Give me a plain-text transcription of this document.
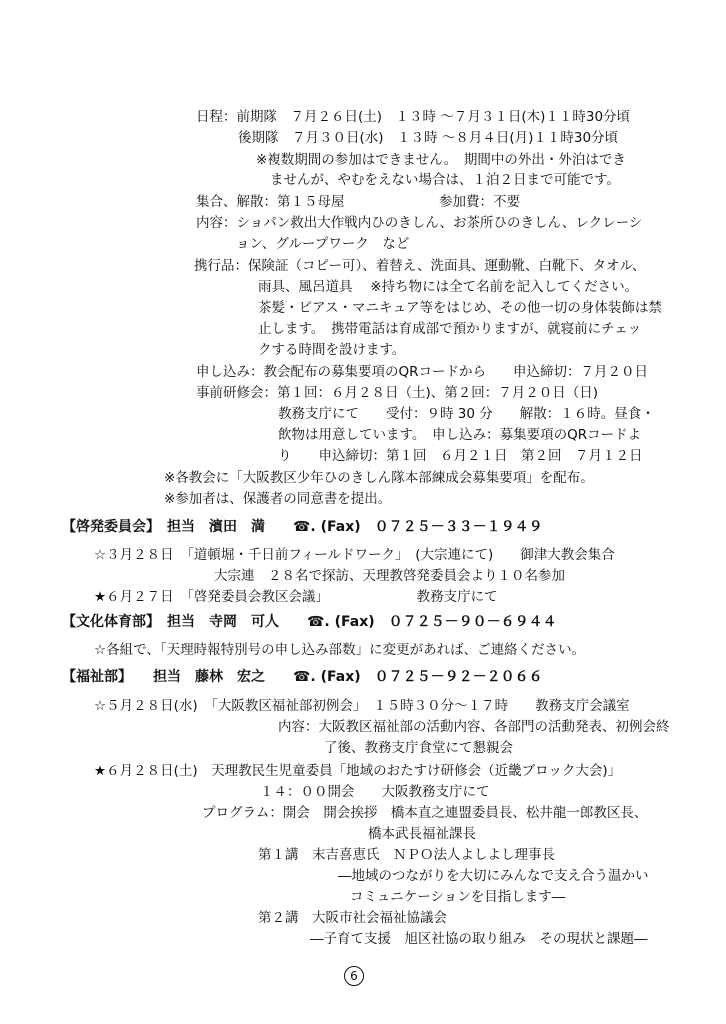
日程：前期隊　７月２６日(土)　１３時 ～７月３１日(木)１１時30分頃
後期隊　７月３０日(水)　１３時 ～８月４日(月)１１時30分頃
※複数期間の参加はできません。　期間中の外出・外泊はでき
ませんが、やむをえない場合は、１泊２日まで可能です。
集合、解散：第１５母屋　　　　　　　参加費：不要
内容：ショパン救出大作戦内ひのきしん、お茶所ひのきしん、レクレーシ
ョン、グループワーク　など
携行品：保険証（コピー可）、着替え、洗面具、運動靴、白靴下、タオル、
雨具、風呂道具　 ※持ち物には全て名前を記入してください。
茶髪・ピアス・マニキュア等をはじめ、その他一切の身体装飾は禁
止します。　携帯電話は育成部で預かりますが、就寝前にチェッ
クする時間を設けます。
申し込み：教会配布の募集要項のQRコードから　　申込締切：７月２０日
事前研修会：第１回：６月２８日（土)、第２回：７月２０日（日)
教務支庁にて　　受付：９時 30 分　　解散：１６時。昼食・
飲物は用意しています。　申し込み：募集要項のQRコードよ
り　　申込締切：第１回　６月２１日　第２回　７月１２日
※各教会に「大阪教区少年ひのきしん隊本部練成会募集要項」を配布。
※参加者は、保護者の同意書を提出。
【啓発委員会】　担当　濱田　満　　☎. (Fax)　０７２５－３３－１９４９
☆３月２８日　「道頓堀・千日前フィールドワーク」　(大宗連にて)　　御津大教会集合
大宗連　２８名で探訪、天理教啓発委員会より１０名参加
★６月２７日　「啓発委員会教区会議」　　　　　　　教務支庁にて
【文化体育部】　担当　寺岡　可人　　☎. (Fax)　０７２５－９０－６９４４
☆各組で、「天理時報特別号の申し込み部数」に変更があれば、ご連絡ください。
【福祉部】　　担当　藤林　宏之　　☎. (Fax)　０７２５－９２－２０６６
☆５月２８日(水)　「大阪教区福祉部初例会」　１５時３０分～１７時　　教務支庁会議室
内容：大阪教区福祉部の活動内容、各部門の活動発表、初例会終
了後、教務支庁食堂にて懇親会
★６月２８日(土)　天理教民生児童委員「地域のおたすけ研修会（近畿ブロック大会)」
１４：００開会　　大阪教務支庁にて
プログラム：開会　開会挨拶　橋本直之連盟委員長、松井龍一郎教区長、
橋本武長福祉課長
第１講　末吉喜恵氏　ＮＰＯ法人よしよし理事長
―地域のつながりを大切にみんなで支え合う温かい
コミュニケーションを目指します―
第２講　大阪市社会福祉協議会
―子育て支援　旭区社協の取り組み　その現状と課題―
6
